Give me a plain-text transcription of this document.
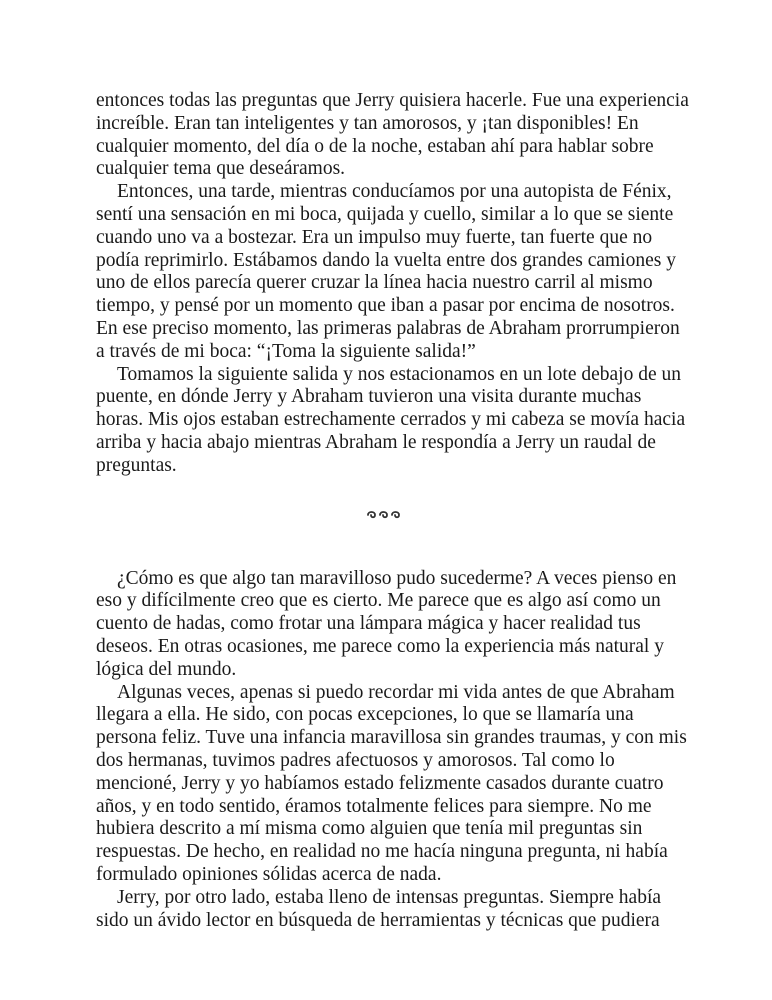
entonces todas las preguntas que Jerry quisiera hacerle. Fue una experiencia
increíble. Eran tan inteligentes y tan amorosos, y ¡tan disponibles! En
cualquier momento, del día o de la noche, estaban ahí para hablar sobre
cualquier tema que deseáramos.
Entonces, una tarde, mientras conducíamos por una autopista de Fénix,
sentí una sensación en mi boca, quijada y cuello, similar a lo que se siente
cuando uno va a bostezar. Era un impulso muy fuerte, tan fuerte que no
podía reprimirlo. Estábamos dando la vuelta entre dos grandes camiones y
uno de ellos parecía querer cruzar la línea hacia nuestro carril al mismo
tiempo, y pensé por un momento que iban a pasar por encima de nosotros.
En ese preciso momento, las primeras palabras de Abraham prorrumpieron
a través de mi boca: “¡Toma la siguiente salida!”
Tomamos la siguiente salida y nos estacionamos en un lote debajo de un
puente, en dónde Jerry y Abraham tuvieron una visita durante muchas
horas. Mis ojos estaban estrechamente cerrados y mi cabeza se movía hacia
arriba y hacia abajo mientras Abraham le respondía a Jerry un raudal de
preguntas.
¿Cómo es que algo tan maravilloso pudo sucederme? A veces pienso en
eso y difícilmente creo que es cierto. Me parece que es algo así como un
cuento de hadas, como frotar una lámpara mágica y hacer realidad tus
deseos. En otras ocasiones, me parece como la experiencia más natural y
lógica del mundo.
Algunas veces, apenas si puedo recordar mi vida antes de que Abraham
llegara a ella. He sido, con pocas excepciones, lo que se llamaría una
persona feliz. Tuve una infancia maravillosa sin grandes traumas, y con mis
dos hermanas, tuvimos padres afectuosos y amorosos. Tal como lo
mencioné, Jerry y yo habíamos estado felizmente casados durante cuatro
años, y en todo sentido, éramos totalmente felices para siempre. No me
hubiera descrito a mí misma como alguien que tenía mil preguntas sin
respuestas. De hecho, en realidad no me hacía ninguna pregunta, ni había
formulado opiniones sólidas acerca de nada.
Jerry, por otro lado, estaba lleno de intensas preguntas. Siempre había
sido un ávido lector en búsqueda de herramientas y técnicas que pudiera
